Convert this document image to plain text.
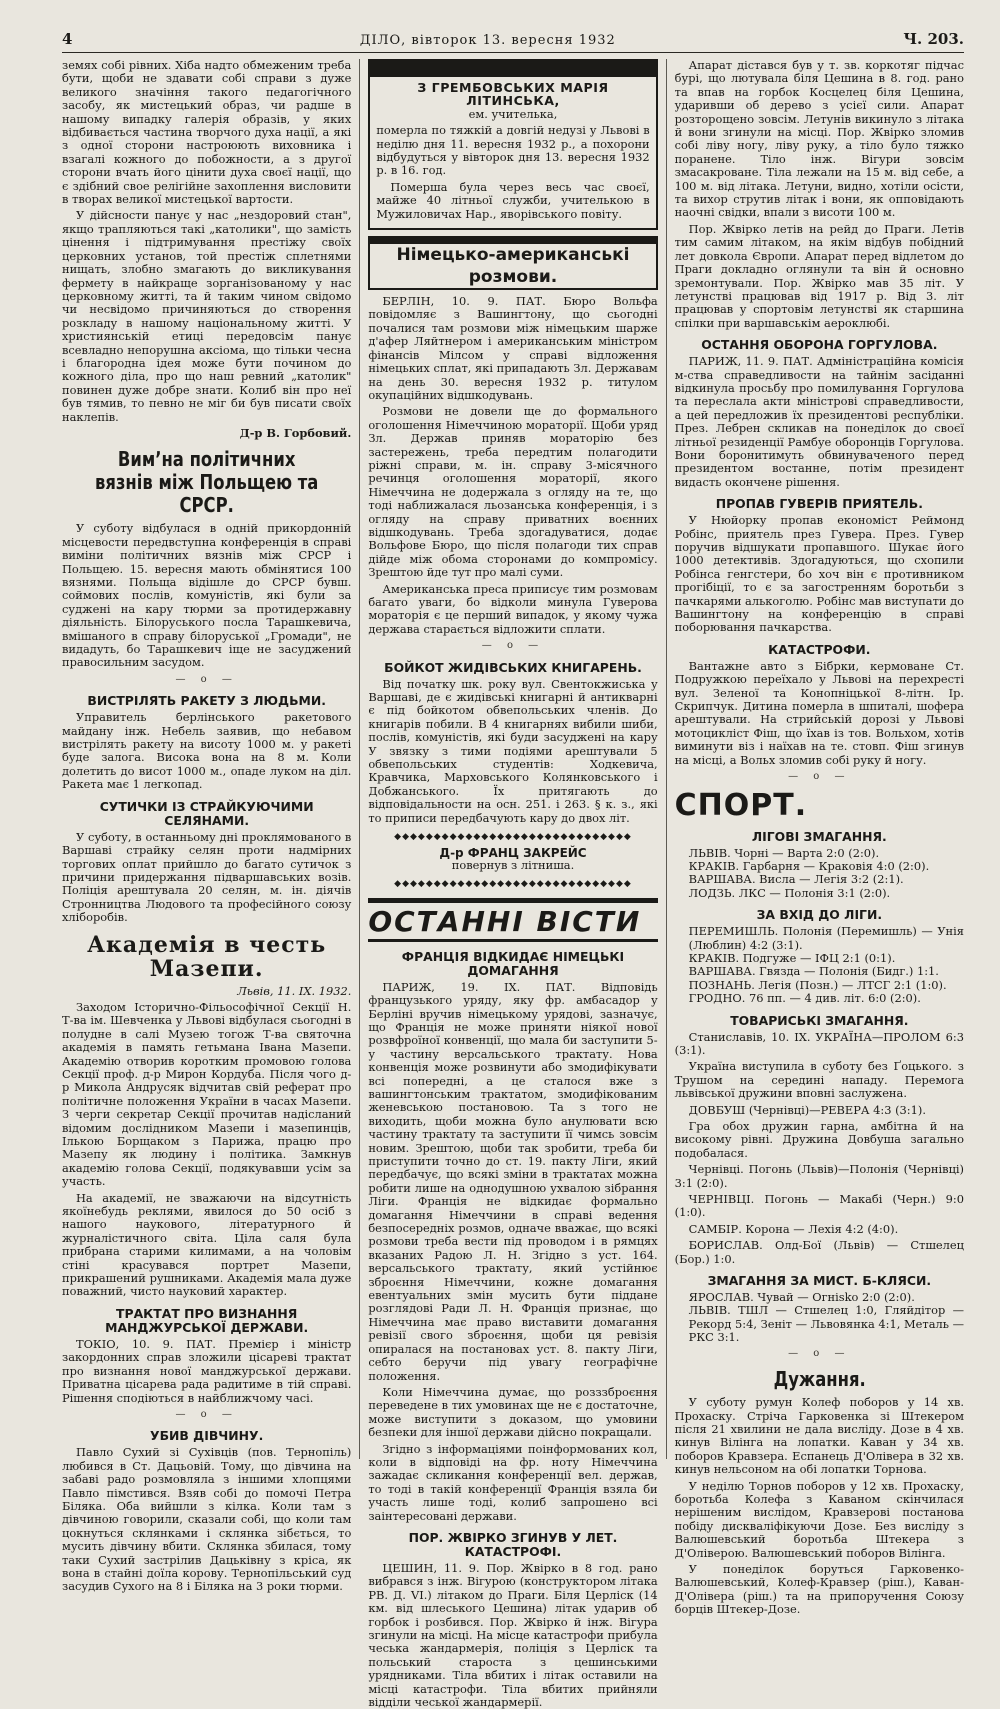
4	ДІЛО, вівторок 13. вересня 1932	Ч. 203.

земях собі рівних. Хіба надто обмеженим треба бути, щоби не здавати собі справи з дуже великого значіння такого педагогічного засобу, як мистецький образ, чи радше в нашому випадку галерія образів, у яких відбивається частина творчого духа нації, а які з одної сторони настроюють виховника і взагалі кожного до побожности, а з другої сторони вчать його цінити духа своєї нації, що є здібний свое релігійне захоплення висловити в творах великої мистецької вартости.

У дійсности панує у нас „нездоровий стан", якщо трапляються такі „католики", що замість цінення і підтримування престіжу своїх церковних установ, той престіж сплетнями нищать, злобно змагають до викликування фермету в найкраще зорганізованому у нас церковному житті, та й таким чином свідомо чи несвідомо причиняються до створення розкладу в нашому національному житті. У християнській етиці передовсім панує всевладно непорушна аксіома, що тільки чесна і благородна ідея може бути почином до кожного діла, про що наш ревний „католик" повинен дуже добре знати. Колиб він про неї був тямив, то певно не міг би був писати своїх наклепів.

Д-р В. Горбовий.
Вимʼна політичних вязнів між Польщею та СРСР.

У суботу відбулася в одній прикордонній місцевости передвступна конференція в справі виміни політичних вязнів між СРСР і Польщею. 15. вересня мають обмінятися 100 вязнями. Польща відішле до СРСР бувш. соймових послів, комуністів, які були за суджені на кару тюрми за протидержавну діяльність. Білоруського посла Тарашкевича, вмішаного в справу білоруської „Громади", не видадуть, бо Тарашкевич іще не засуджений правосильним засудом.

— o —
ВИСТРІЛЯТЬ РАКЕТУ З ЛЮДЬМИ.

Управитель берлінського ракетового майдану інж. Небель заявив, що небавом вистрілять ракету на висоту 1000 м. у ракеті буде залога. Висока вона на 8 м. Коли долетить до висот 1000 м., опаде луком на діл. Ракета має 1 легкопад.

СУТИЧКИ ІЗ СТРАЙКУЮЧИМИ СЕЛЯНАМИ.

У суботу, в останньому дні проклямованого в Варшаві страйку селян проти надмірних торгових оплат прийшло до багато сутичок з причини придержання підваршавських возів. Поліція арештувала 20 селян, м. ін. діячів Стронництва Людового та професійного союзу хліборобів.

Академія в честь Мазепи.
Львів, 11. IX. 1932.

Заходом Історично-Фільософічної Секції Н. Т-ва ім. Шевченка у Львові відбулася сьогодні в полудне в салі Музею тогож Т-ва святочна академія в память гетьмана Івана Мазепи. Академію отворив коротким промовою голова Секції проф. д-р Мирон Кордуба. Після чого д-р Микола Андрусяк відчитав свій реферат про політичне положення України в часах Мазепи. З черги секретар Секції прочитав надісланий відомим дослідником Мазепи і мазепинців, Ількою Борщаком з Парижа, працю про Мазепу як людину і політика. Замкнув академію голова Секції, подякувавши усім за участь.

На академії, не зважаючи на відсутність якоїнебудь реклями, явилося до 50 осіб з нашого наукового, літературного й журналістичного світа. Ціла саля була прибрана старими килимами, а на чоловім стіні красувався портрет Мазепи, прикрашений рушниками. Академія мала дуже поважний, чисто науковий характер.

ТРАКТАТ ПРО ВИЗНАННЯ МАНДЖУРСЬКОЇ ДЕРЖАВИ.

ТОКІО, 10. 9. ПАТ. Премієр і міністр закордонних справ зложили цісареві трактат про визнання нової манджурської держави. Приватна цісарева рада радитиме в тій справі. Рішення сподіються в найближчому часі.

— o —
УБИВ ДІВЧИНУ.

Павло Сухий зі Сухівців (пов. Тернопіль) любився в Ст. Дацьовій. Тому, що дівчина на забаві радо розмовляла з іншими хлопцями Павло пімстився. Взяв собі до помочі Петра Біляка. Оба вийшли з кілка. Коли там з дівчиною говорили, сказали собі, що коли там цокнуться склянками і склянка зібється, то мусить дівчину вбити. Склянка збилася, тому таки Сухий застрілив Дацьківну з кріса, як вона в стайні доїла корову. Тернопільський суд засудив Сухого на 8 і Біляка на 3 роки тюрми.

З ГРЕМБОВСЬКИХ МАРІЯ ЛІТИНСЬКА,
ем. учителька,

померла по тяжкій а довгій недузі у Львові в неділю дня 11. вересня 1932 р., а похорони відбудуться у вівторок дня 13. вересня 1932 р. в 16. год.

Померша була через весь час своєї, майже 40 літньої служби, учителькою в Мужиловичах Нар., яворівського повіту.

Німецько-американські розмови.

БЕРЛІН, 10. 9. ПАТ. Бюро Вольфа повідомляє з Вашингтону, що сьогодні почалися там розмови між німецьким шарже д'афер Ляйтнером і американським міністром фінансів Мілсом у справі відложення німецьких сплат, які припадають Зл. Державам на день 30. вересня 1932 р. титулом окупаційних відшкодувань.

Розмови не довели ще до формального оголошення Німеччиною мораторії. Щоби уряд Зл. Держав приняв мораторію без застережень, треба передтим полагодити ріжні справи, м. ін. справу 3-місячного речинця оголошення мораторії, якого Німеччина не додержала з огляду на те, що тоді наближалася льозанська конференція, і з огляду на справу приватних воєнних відшкодувань. Треба здогадуватися, додає Вольфове Бюро, що після полагоди тих справ дійде між обома сторонами до компромісу. Зрештою йде тут про малі суми.

Американська преса приписує тим розмовам багато уваги, бо відколи минула Гуверова мораторія є це перший випадок, у якому чужа держава старається відложити сплати.

— o —
БОЙКОТ ЖИДІВСЬКИХ КНИГАРЕНЬ.

Від початку шк. року вул. Свентокжиська у Варшаві, де є жидівські книгарні й антикварні є під бойкотом обвепольських членів. До книгарів побили. В 4 книгарнях вибили шиби, послів, комуністів, які буди засуджені на кару У звязку з тими подіями арештували 5 обвепольських студентів: Ходкевича, Кравчика, Марховського Колянковського і Добжанського. Їх притягають до відповідальности на осн. 251. і 263. § к. з., які то приписи передбачують кару до двох літ.

◆◆◆◆◆◆◆◆◆◆◆◆◆◆◆◆◆◆◆◆◆◆◆◆◆◆◆◆◆◆
Д-р ФРАНЦ ЗАКРЕЙС
повернув з літниша.
◆◆◆◆◆◆◆◆◆◆◆◆◆◆◆◆◆◆◆◆◆◆◆◆◆◆◆◆◆◆
ОСТАННІ ВІСТИ
ФРАНЦІЯ ВІДКИДАЄ НІМЕЦЬКІ ДОМАГАННЯ

ПАРИЖ, 19. IX. ПАТ. Відповідь французького уряду, яку фр. амбасадор у Берліні вручив німецькому урядові, зазначує, що Франція не може приняти ніякої нової розвфроїної конвенції, що мала би заступити 5-у частину версальського трактату. Нова конвенція може розвинути або змодифікувати всі попередні, а це сталося вже з вашингтонським трактатом, змодифікованим женевською постановою. Та з того не виходить, щоби можна було анулювати всю частину трактату та заступити її чимсь зовсім новим. Зрештою, щоби так зробити, треба би приступити точно до ст. 19. пакту Ліги, який передбачує, що всякі зміни в трактатах можна робити лише на однодушною ухвалою зібрання Ліги. Франція не відкидає формально домагання Німеччини в справі ведення безпосередніх розмов, одначе вважає, що всякі розмови треба вести під проводом і в рямцях вказаних Радою Л. Н. Згідно з уст. 164. версальського трактату, який устійнює зброєння Німеччини, кожне домагання евентуальних змін мусить бути піддане розглядові Ради Л. Н. Франція признає, що Німеччина має право виставити домагання ревізії свого зброєння, щоби ця ревізія опиралася на постановах уст. 8. пакту Ліги, себто беручи під увагу географічне положення.

Коли Німеччина думає, що розззброєння переведене в тих умовинах ще не є достаточне, може виступити з доказом, що умовини безпеки для іншої держави дійсно покращали.

Згідно з інформаціями поінформованих кол, коли в відповіді на фр. ноту Німеччина зажадає скликання конференції вел. держав, то тоді в такій конференції Франція взяла би участь лише тоді, колиб запрошено всі заінтересовані держави.

ПОР. ЖВІРКО ЗГИНУВ У ЛЕТ. КАТАСТРОФІ.

ЦЕШИН, 11. 9. Пор. Жвірко в 8 год. рано вибрався з інж. Вігурою (конструктором літака РВ. Д. VI.) літаком до Праги. Біля Церліск (14 км. від шлеського Цешина) літак ударив об горбок і розбився. Пор. Жвірко й інж. Вігура згинули на місці. На місце катастрофи прибула чеська жандармерія, поліція з Церліск та польський староста з цешинськими урядниками. Тіла вбитих і літак оставили на місці катастрофи. Тіла вбитих прийняли відділи чеської жандармерії.

Апарат дістався був у т. зв. коркотяг підчас бурі, що лютувала біля Цешина в 8. год. рано та впав на горбок Косцелец біля Цешина, ударивши об дерево з усієї сили. Апарат розторощено зовсім. Летунів викинуло з літака й вони згинули на місці. Пор. Жвірко зломив собі ліву ногу, ліву руку, а тіло було тяжко поранене. Тіло інж. Вігури зовсім змасакроване. Тіла лежали на 15 м. від себе, а 100 м. від літака. Летуни, видно, хотіли осісти, та вихор струтив літак і вони, як опповідають наочні свідки, впали з висоти 100 м.

Пор. Жвірко летів на рейд до Праги. Летів тим самим літаком, на якім відбув побідний лет довкола Європи. Апарат перед відлетом до Праги докладно оглянули та він й основно зремонтували. Пор. Жвірко мав 35 літ. У летунстві працював від 1917 р. Від 3. літ працював у спортовім летунстві як старшина спілки при варшавськім аероклюбі.

ОСТАННЯ ОБОРОНА ГОРГУЛОВА.

ПАРИЖ, 11. 9. ПАТ. Адміністраційна комісія м-ства справедливости на тайнім засіданні відкинула просьбу про помилування Горгулова та переслала акти міністрові справедливости, а цей передложив їх президентові республіки. През. Лебрен скликав на понеділок до своєї літньої резиденції Рамбуе оборонців Горгулова. Вони боронитимуть обвинуваченого перед президентом востанне, потім президент видасть окончене рішення.

ПРОПАВ ГУВЕРІВ ПРИЯТЕЛЬ.

У Нюйорку пропав економіст Реймонд Робінс, приятель през Гувера. През. Гувер поручив відшукати пропавшого. Шукає його 1000 детективів. Здогадуються, що схопили Робінса генгстери, бо хоч він є противником прогібіції, то є за загостренням боротьби з пачкарями алькоголю. Робінс мав виступати до Вашингтону на конференцію в справі поборювання пачкарства.

КАТАСТРОФИ.

Вантажне авто з Бібрки, кермоване Ст. Подружкою переїхало у Львові на перехресті вул. Зеленої та Конопніцької 8-літн. Ір. Скрипчук. Дитина померла в шпиталі, шофера арештували. На стрийській дорозі у Львові мотоцикліст Фіш, що їхав із тов. Вольхом, хотів виминути віз і наїхав на те. стовп. Фіш згинув на місці, а Вольх зломив собі руку й ногу.

— o —
СПОРТ.
ЛІГОВІ ЗМАГАННЯ.

ЛЬВІВ. Чорні — Варта 2:0 (2:0).

КРАКІВ. Гарбарня — Краковія 4:0 (2:0).

ВАРШАВА. Висла — Легія 3:2 (2:1).

ЛОДЗЬ. ЛКС — Полонія 3:1 (2:0).

ЗА ВХІД ДО ЛІГИ.

ПЕРЕМИШЛЬ. Полонія (Перемишль) — Унія (Люблин) 4:2 (3:1).

КРАКІВ. Подгуже — ІФЦ 2:1 (0:1).

ВАРШАВА. Гвязда — Полонія (Бидг.) 1:1.

ПОЗНАНЬ. Легія (Позн.) — ЛТСГ 2:1 (1:0).

ГРОДНО. 76 пп. — 4 див. літ. 6:0 (2:0).

ТОВАРИСЬКІ ЗМАГАННЯ.

Станиславів, 10. IX. УКРАЇНА—ПРОЛОМ 6:3 (3:1).

Україна виступила в суботу без Ґоцького. з Трушом на середині нападу. Перемога львівської дружини вповні заслужена.

ДОВБУШ (Чернівці)—РЕВЕРА 4:3 (3:1).

Гра обох дружин гарна, амбітна й на високому рівні. Дружина Довбуша загально подобалася.

Чернівці. Погонь (Львів)—Полонія (Чернівці) 3:1 (2:0).

ЧЕРНІВЦІ. Погонь — Макабі (Черн.) 9:0 (1:0).

САМБІР. Корона — Лехія 4:2 (4:0).

БОРИСЛАВ. Олд-Бої (Львів) — Стшелец (Бор.) 1:0.

ЗМАГАННЯ ЗА МИСТ. Б-КЛЯСИ.

ЯРОСЛАВ. Чувай — Огнisko 2:0 (2:0).

ЛЬВІВ. ТШЛ — Стшелец 1:0, Гляйдітор — Рекорд 5:4, Зеніт — Львовянка 4:1, Металь — РКС 3:1.

— o —
Дужання.

У суботу румун Колеф поборов у 14 хв. Прохаску. Стріча Гарковенка зі Штекером після 21 хвилини не дала висліду. Дозе в 4 хв. кинув Вілінга на лопатки. Каван у 34 хв. поборов Кравзера. Еспанець Д'Оліверa в 32 хв. кинув нельсоном на обі лопатки Торнова.

У неділю Торнов поборов у 12 хв. Прохаску, боротьба Колефа з Каваном скінчилася нерішеним вислідом, Кравзерові постанова побіду дискваліфікуючи Дозе. Без висліду з Валюшевський боротьба Штекера з Д'Оліверою. Валюшевський поборов Вілінга.

У понеділок боруться Гарковенко-Валюшевський, Колеф-Кравзер (ріш.), Каван-Д'Оліверa (ріш.) та на припоручення Союзу борців Штекер-Дозе.
